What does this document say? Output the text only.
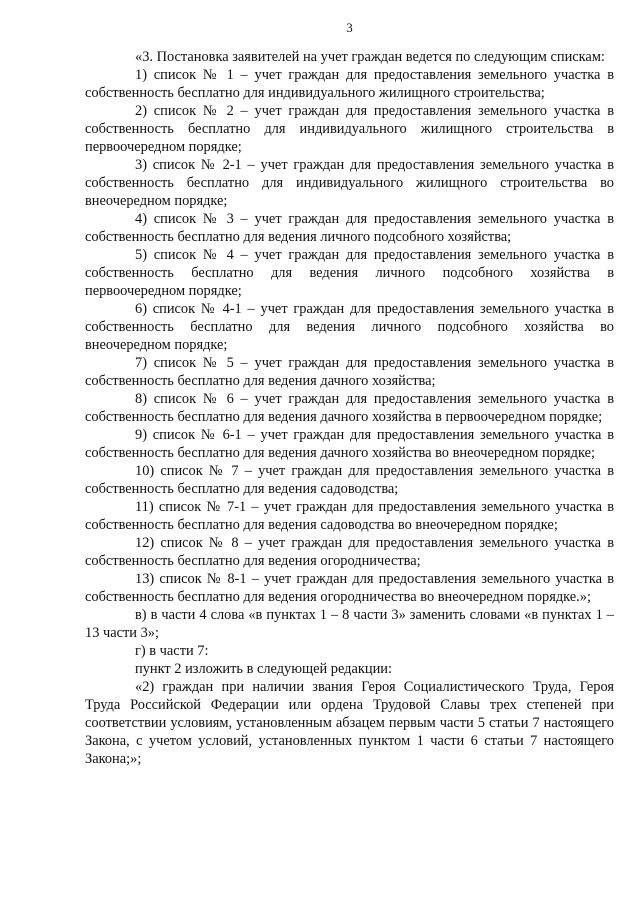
3

«3. Постановка заявителей на учет граждан ведется по следующим спискам:

1) список № 1 – учет граждан для предоставления земельного участка в собственность бесплатно для индивидуального жилищного строительства;

2) список № 2 – учет граждан для предоставления земельного участка в собственность бесплатно для индивидуального жилищного строительства в первоочередном порядке;

3) список № 2-1 – учет граждан для предоставления земельного участка в собственность бесплатно для индивидуального жилищного строительства во внеочередном порядке;

4) список № 3 – учет граждан для предоставления земельного участка в собственность бесплатно для ведения личного подсобного хозяйства;

5) список № 4 – учет граждан для предоставления земельного участка в собственность бесплатно для ведения личного подсобного хозяйства в первоочередном порядке;

6) список № 4-1 – учет граждан для предоставления земельного участка в собственность бесплатно для ведения личного подсобного хозяйства во внеочередном порядке;

7) список № 5 – учет граждан для предоставления земельного участка в собственность бесплатно для ведения дачного хозяйства;

8) список № 6 – учет граждан для предоставления земельного участка в собственность бесплатно для ведения дачного хозяйства в первоочередном порядке;

9) список № 6-1 – учет граждан для предоставления земельного участка в собственность бесплатно для ведения дачного хозяйства во внеочередном порядке;

10) список № 7 – учет граждан для предоставления земельного участка в собственность бесплатно для ведения садоводства;

11) список № 7-1 – учет граждан для предоставления земельного участка в собственность бесплатно для ведения садоводства во внеочередном порядке;

12) список № 8 – учет граждан для предоставления земельного участка в собственность бесплатно для ведения огородничества;

13) список № 8-1 – учет граждан для предоставления земельного участка в собственность бесплатно для ведения огородничества во внеочередном порядке.»;

в) в части 4 слова «в пунктах 1 – 8 части 3» заменить словами «в пунктах 1 – 13 части 3»;

г) в части 7:

пункт 2 изложить в следующей редакции:

«2) граждан при наличии звания Героя Социалистического Труда, Героя Труда Российской Федерации или ордена Трудовой Славы трех степеней при соответствии условиям, установленным абзацем первым части 5 статьи 7 настоящего Закона, с учетом условий, установленных пунктом 1 части 6 статьи 7 настоящего Закона;»;
